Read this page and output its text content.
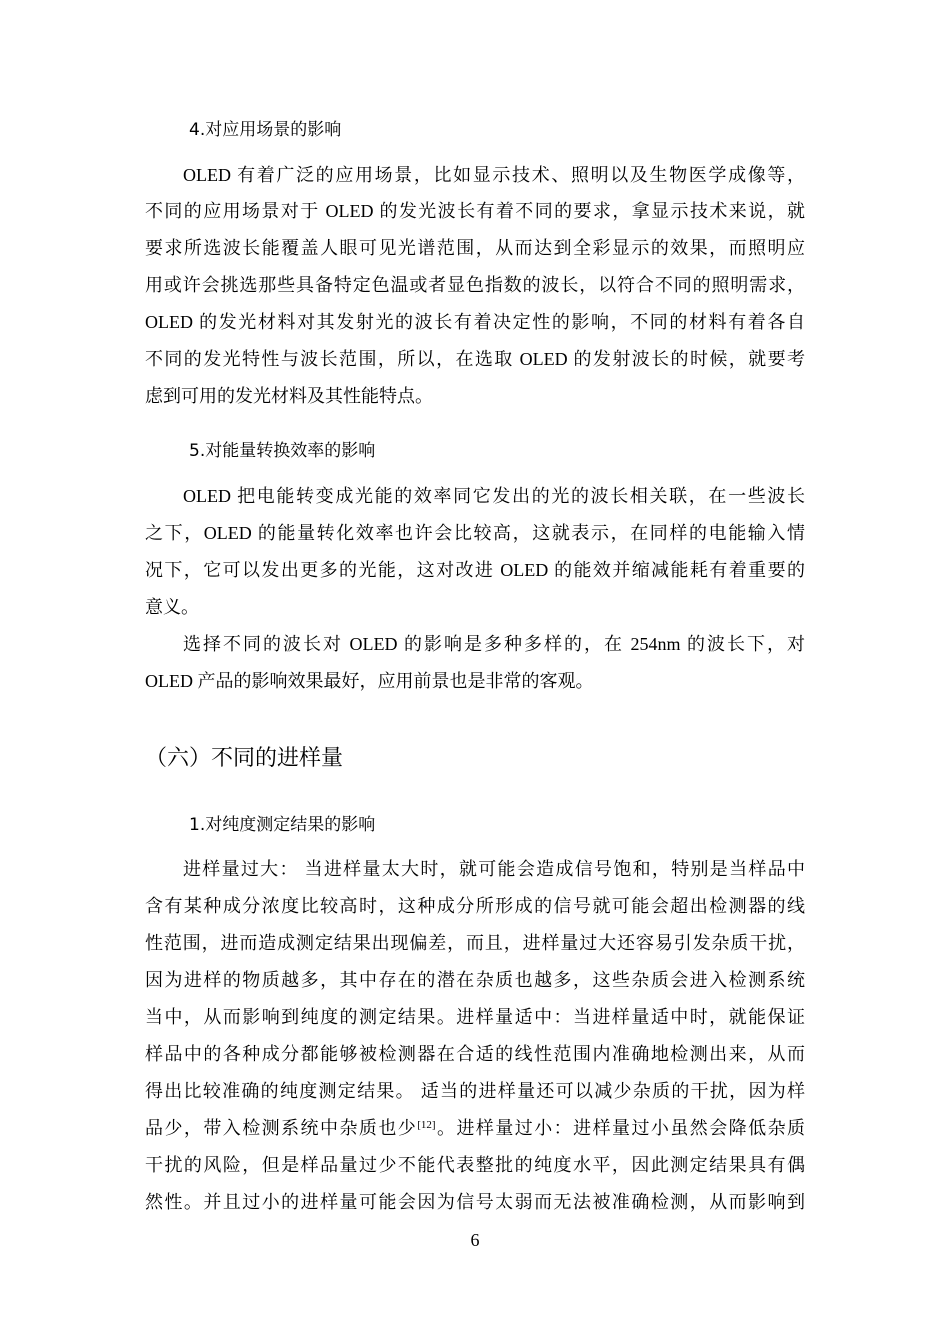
4.对应用场景的影响
OLED 有着广泛的应用场景，比如显示技术、照明以及生物医学成像等，
不同的应用场景对于 OLED 的发光波长有着不同的要求，拿显示技术来说，就
要求所选波长能覆盖人眼可见光谱范围，从而达到全彩显示的效果，而照明应
用或许会挑选那些具备特定色温或者显色指数的波长，以符合不同的照明需求，
OLED 的发光材料对其发射光的波长有着决定性的影响，不同的材料有着各自
不同的发光特性与波长范围，所以，在选取 OLED 的发射波长的时候，就要考
虑到可用的发光材料及其性能特点。
5.对能量转换效率的影响
OLED 把电能转变成光能的效率同它发出的光的波长相关联，在一些波长
之下，OLED 的能量转化效率也许会比较高，这就表示，在同样的电能输入情
况下，它可以发出更多的光能，这对改进 OLED 的能效并缩减能耗有着重要的
意义。
选择不同的波长对 OLED 的影响是多种多样的，在 254nm 的波长下，对
OLED 产品的影响效果最好，应用前景也是非常的客观。
（六）不同的进样量
1.对纯度测定结果的影响
进样量过大： 当进样量太大时，就可能会造成信号饱和，特别是当样品中
含有某种成分浓度比较高时，这种成分所形成的信号就可能会超出检测器的线
性范围，进而造成测定结果出现偏差，而且，进样量过大还容易引发杂质干扰，
因为进样的物质越多，其中存在的潜在杂质也越多，这些杂质会进入检测系统
当中，从而影响到纯度的测定结果。进样量适中：当进样量适中时，就能保证
样品中的各种成分都能够被检测器在合适的线性范围内准确地检测出来，从而
得出比较准确的纯度测定结果。 适当的进样量还可以减少杂质的干扰，因为样
品少，带入检测系统中杂质也少[12]。进样量过小：进样量过小虽然会降低杂质
干扰的风险，但是样品量过少不能代表整批的纯度水平，因此测定结果具有偶
然性。并且过小的进样量可能会因为信号太弱而无法被准确检测，从而影响到
6
